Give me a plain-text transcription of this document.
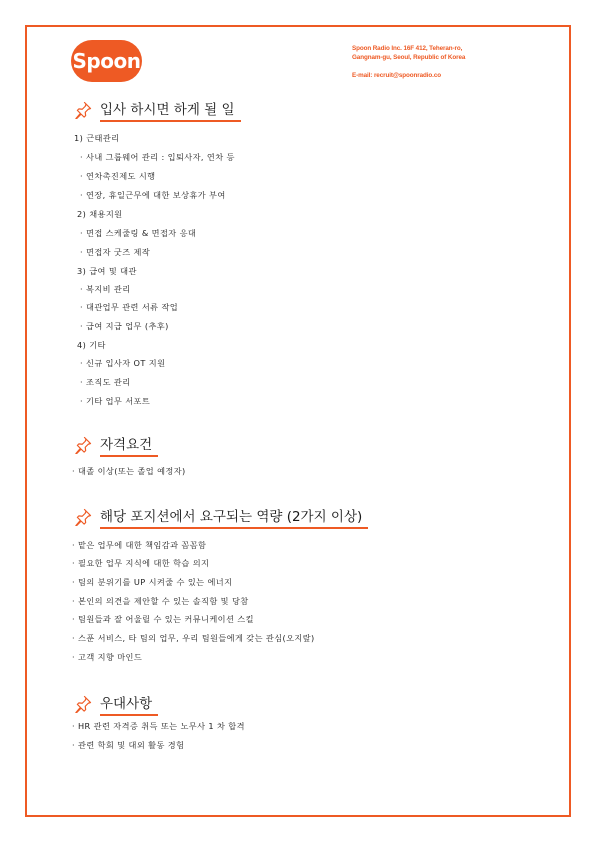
Spoon
Spoon Radio Inc. 16F 412, Teheran-ro,
Gangnam-gu, Seoul, Republic of Korea
E-mail: recruit@spoonradio.co
입사 하시면 하게 될 일
1) 근태관리
· 사내 그룹웨어 관리 : 입퇴사자, 연차 등
· 연차촉진제도 시행
· 연장, 휴일근무에 대한 보상휴가 부여
2) 채용지원
· 면접 스케줄링 & 면접자 응대
· 면접자 굿즈 제작
3) 급여 및 대관
· 복지비 관리
· 대관업무 관련 서류 작업
· 급여 지급 업무 (추후)
4) 기타
· 신규 입사자 OT 지원
· 조직도 관리
· 기타 업무 서포트
자격요건
· 대졸 이상(또는 졸업 예정자)
해당 포지션에서 요구되는 역량 (2가지 이상)
· 맡은 업무에 대한 책임감과 꼼꼼함
· 필요한 업무 지식에 대한 학습 의지
· 팀의 분위기를 UP 시켜줄 수 있는 에너지
· 본인의 의견을 제안할 수 있는 솔직함 및 당참
· 팀원들과 잘 어울릴 수 있는 커뮤니케이션 스킬
· 스푼 서비스, 타 팀의 업무, 우리 팀원들에게 갖는 관심(오지랖)
· 고객 지향 마인드
우대사항
· HR 관련 자격증 취득 또는 노무사 1 차 합격
· 관련 학회 및 대외 활동 경험
